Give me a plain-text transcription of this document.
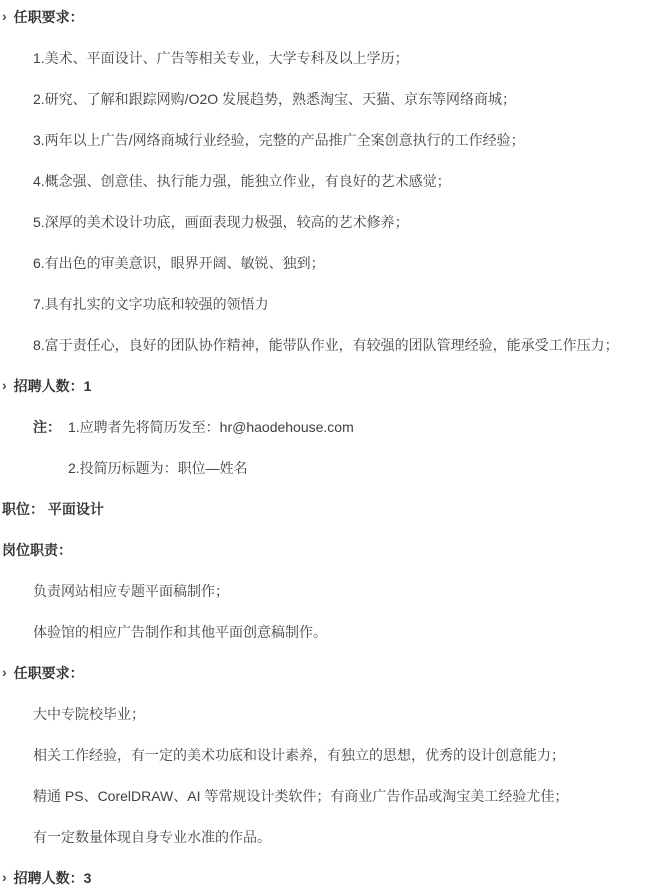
› 任职要求：
1.美术、平面设计、广告等相关专业，大学专科及以上学历；
2.研究、了解和跟踪网购/O2O 发展趋势，熟悉淘宝、天猫、京东等网络商城；
3.两年以上广告/网络商城行业经验，完整的产品推广全案创意执行的工作经验；
4.概念强、创意佳、执行能力强，能独立作业，有良好的艺术感觉；
5.深厚的美术设计功底，画面表现力极强，较高的艺术修养；
6.有出色的审美意识，眼界开阔、敏锐、独到；
7.具有扎实的文字功底和较强的领悟力
8.富于责任心，良好的团队协作精神，能带队作业，有较强的团队管理经验，能承受工作压力；
› 招聘人数：1
注： 1.应聘者先将简历发至：hr@haodehouse.com
2.投简历标题为：职位—姓名
职位： 平面设计
岗位职责：
负责网站相应专题平面稿制作；
体验馆的相应广告制作和其他平面创意稿制作。
› 任职要求：
大中专院校毕业；
相关工作经验，有一定的美术功底和设计素养，有独立的思想，优秀的设计创意能力；
精通 PS、CorelDRAW、AI 等常规设计类软件；有商业广告作品或淘宝美工经验尤佳；
有一定数量体现自身专业水准的作品。
› 招聘人数：3
